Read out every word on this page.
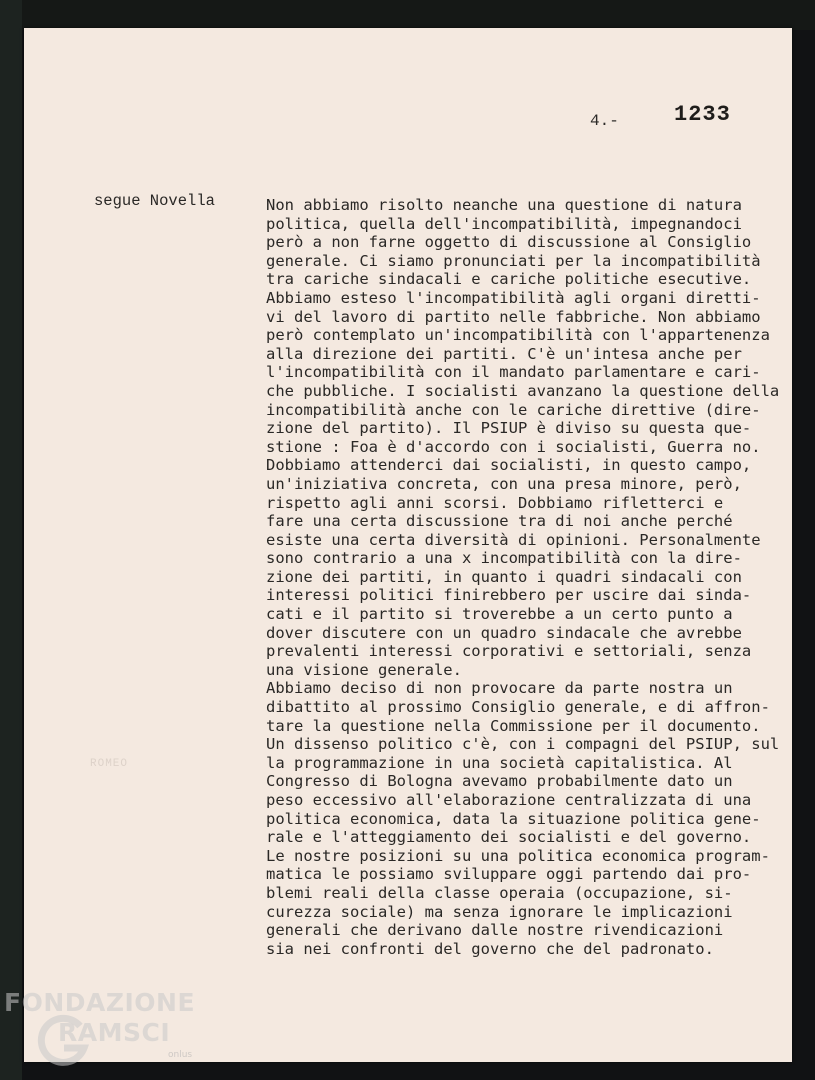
4.-	1233
segue Novella
ROMEO
Non abbiamo risolto neanche una questione di natura
politica, quella dell'incompatibilità, impegnandoci
però a non farne oggetto di discussione al Consiglio
generale. Ci siamo pronunciati per la incompatibilità
tra cariche sindacali e cariche politiche esecutive.
Abbiamo esteso l'incompatibilità agli organi diretti-
vi del lavoro di partito nelle fabbriche. Non abbiamo
però contemplato un'incompatibilità con l'appartenenza
alla direzione dei partiti. C'è un'intesa anche per
l'incompatibilità con il mandato parlamentare e cari-
che pubbliche. I socialisti avanzano la questione della
incompatibilità anche con le cariche direttive (dire-
zione del partito). Il PSIUP è diviso su questa que-
stione : Foa è d'accordo con i socialisti, Guerra no.
Dobbiamo attenderci dai socialisti, in questo campo,
un'iniziativa concreta, con una presa minore, però,
rispetto agli anni scorsi. Dobbiamo rifletterci e
fare una certa discussione tra di noi anche perché
esiste una certa diversità di opinioni. Personalmente
sono contrario a una x incompatibilità con la dire-
zione dei partiti, in quanto i quadri sindacali con
interessi politici finirebbero per uscire dai sinda-
cati e il partito si troverebbe a un certo punto a
dover discutere con un quadro sindacale che avrebbe
prevalenti interessi corporativi e settoriali, senza
una visione generale.
Abbiamo deciso di non provocare da parte nostra un
dibattito al prossimo Consiglio generale, e di affron-
tare la questione nella Commissione per il documento.
Un dissenso politico c'è, con i compagni del PSIUP, sul
la programmazione in una società capitalistica. Al
Congresso di Bologna avevamo probabilmente dato un
peso eccessivo all'elaborazione centralizzata di una
politica economica, data la situazione politica gene-
rale e l'atteggiamento dei socialisti e del governo.
Le nostre posizioni su una politica economica program-
matica le possiamo sviluppare oggi partendo dai pro-
blemi reali della classe operaia (occupazione, si-
curezza sociale) ma senza ignorare le implicazioni
generali che derivano dalle nostre rivendicazioni
sia nei confronti del governo che del padronato.
FONDAZIONE
RAMSCI
onlus
